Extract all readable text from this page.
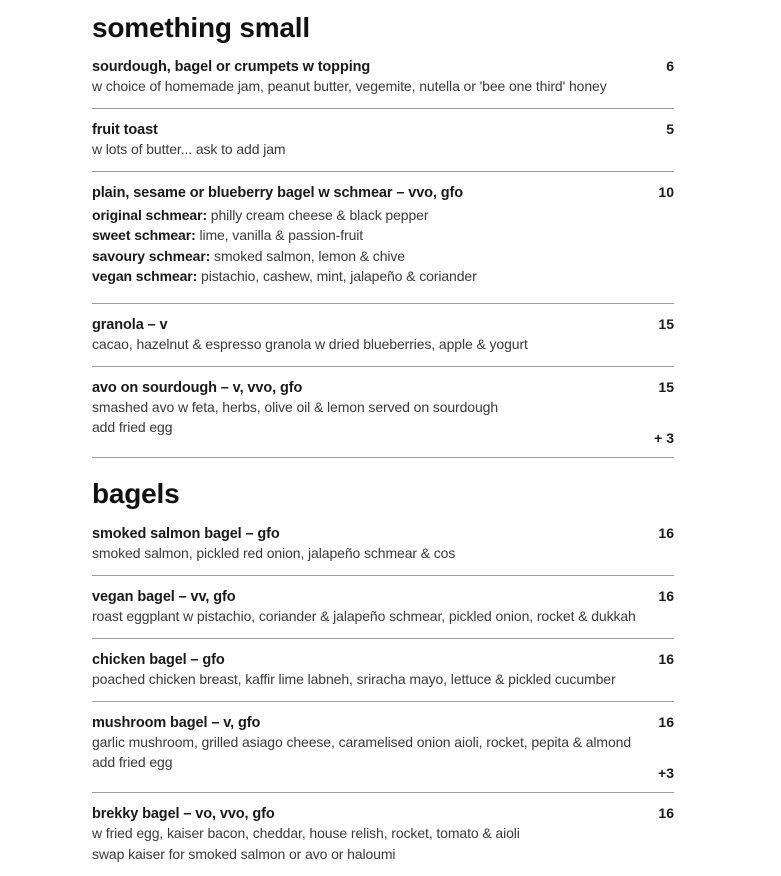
something small
sourdough, bagel or crumpets w topping	6
w choice of homemade jam, peanut butter, vegemite, nutella or 'bee one third' honey
fruit toast	5
w lots of butter... ask to add jam
plain, sesame or blueberry bagel w schmear – vvo, gfo	10
original schmear: philly cream cheese & black pepper
sweet schmear: lime, vanilla & passion-fruit
savoury schmear: smoked salmon, lemon & chive
vegan schmear: pistachio, cashew, mint, jalapeño & coriander
granola – v	15
cacao, hazelnut & espresso granola w dried blueberries, apple & yogurt
avo on sourdough – v, vvo, gfo	15
smashed avo w feta, herbs, olive oil & lemon served on sourdough
add fried egg
+ 3
bagels
smoked salmon bagel – gfo	16
smoked salmon, pickled red onion, jalapeño schmear & cos
vegan bagel – vv, gfo	16
roast eggplant w pistachio, coriander & jalapeño schmear, pickled onion, rocket & dukkah
chicken bagel – gfo	16
poached chicken breast, kaffir lime labneh, sriracha mayo, lettuce & pickled cucumber
mushroom bagel – v, gfo	16
garlic mushroom, grilled asiago cheese, caramelised onion aioli, rocket, pepita & almond
add fried egg
+3
brekky bagel – vo, vvo, gfo	16
w fried egg, kaiser bacon, cheddar, house relish, rocket, tomato & aioli
swap kaiser for smoked salmon or avo or haloumi
